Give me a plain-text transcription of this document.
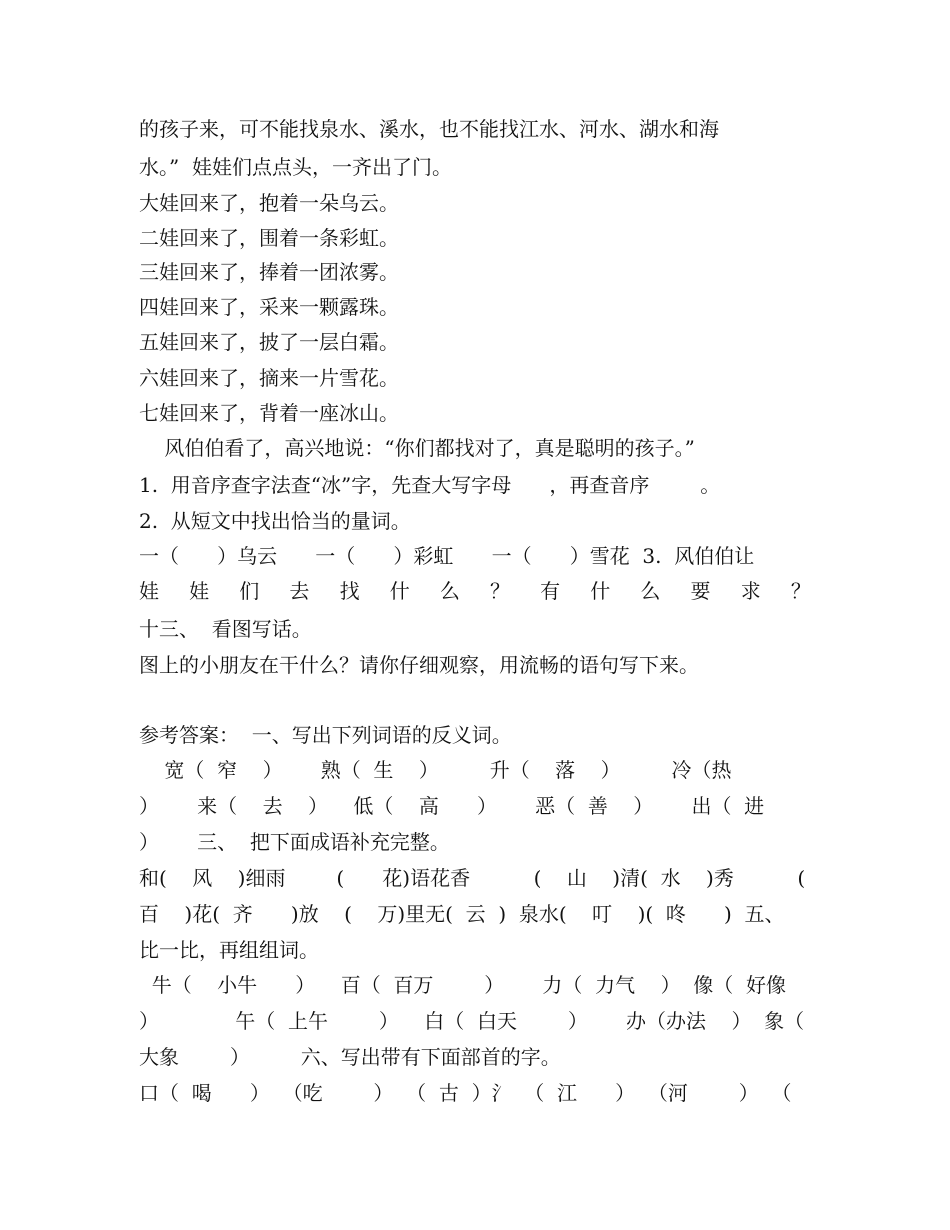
的孩子来，可不能找泉水、溪水，也不能找江水、河水、湖水和海
水。”  娃娃们点点头，一齐出了门。
大娃回来了，抱着一朵乌云。
二娃回来了，围着一条彩虹。
三娃回来了，捧着一团浓雾。
四娃回来了，采来一颗露珠。
五娃回来了，披了一层白霜。
六娃回来了，摘来一片雪花。
七娃回来了，背着一座冰山。
风伯伯看了，高兴地说：“你们都找对了，真是聪明的孩子。”
1.  用音序查字法查“冰”字，先查大写字母      ，再查音序        。
2.  从短文中找出恰当的量词。
一（      ）乌云      一（      ）彩虹      一（      ）雪花  3.  风伯伯让
娃 娃 们 去 找 什 么 ？ 有 什 么 要 求 ？
十三、  看图写话。
图上的小朋友在干什么？请你仔细观察，用流畅的语句写下来。
参考答案：  一、写出下列词语的反义词。
宽（  窄    ）      熟（  生    ）        升（    落    ）        冷（热
）      来（    去    ）    低（    高      ）      恶（  善    ）      出（  进
）      三、  把下面成语补充完整。
和(    风    )细雨        (      花)语花香          (    山    )清(  水    )秀          (
百    )花(  齐      )放    (    万)里无(  云  )  泉水(    叮    )(  咚      )  五、
比一比，再组组词。
牛（    小牛      ）    百（  百万        ）      力（  力气    ）  像（  好像
）            午（  上午        ）    白（  白天        ）      办（办法    ）  象（
大象        ）        六、写出带有下面部首的字。
口（  喝      ）  （吃        ）  （  古  ）氵  （  江      ）  （河        ）  （
